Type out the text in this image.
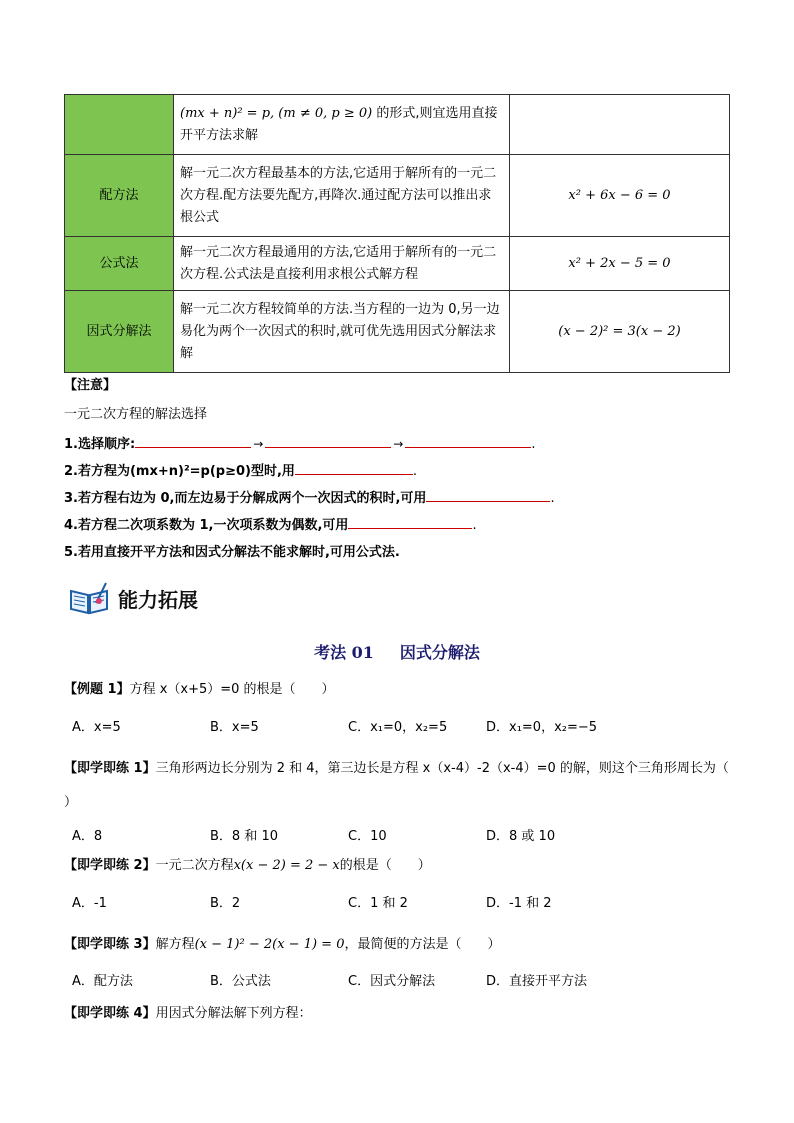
	(mx + n)² = p, (m ≠ 0, p ≥ 0) 的形式,则宜选用直接开平方法求解	
配方法	解一元二次方程最基本的方法,它适用于解所有的一元二次方程.配方法要先配方,再降次.通过配方法可以推出求根公式	x² + 6x − 6 = 0
公式法	解一元二次方程最通用的方法,它适用于解所有的一元二次方程.公式法是直接利用求根公式解方程	x² + 2x − 5 = 0
因式分解法	解一元二次方程较简单的方法.当方程的一边为 0,另一边易化为两个一次因式的积时,就可优先选用因式分解法求解	(x − 2)² = 3(x − 2)
【注意】
一元二次方程的解法选择
1.选择顺序:	→	→	.
2.若方程为(mx+n)²=p(p≥0)型时,用	.
3.若方程右边为 0,而左边易于分解成两个一次因式的积时,可用	.
4.若方程二次项系数为 1,一次项系数为偶数,可用	.
5.若用直接开平方法和因式分解法不能求解时,可用公式法.
能力拓展
考法 01 因式分解法
【例题 1】方程 x（x+5）=0 的根是（　　）
A．x=5	B．x=5	C．x₁=0，x₂=5	D．x₁=0，x₂=−5
【即学即练 1】三角形两边长分别为 2 和 4，第三边长是方程 x（x-4）-2（x-4）=0 的解，则这个三角形周长为（ ）
A．8	B．8 和 10	C．10	D．8 或 10
【即学即练 2】一元二次方程x(x − 2) = 2 − x的根是（　　）
A．-1	B．2	C．1 和 2	D．-1 和 2
【即学即练 3】解方程(x − 1)² − 2(x − 1) = 0，最简便的方法是（　　）
A．配方法	B．公式法	C．因式分解法	D．直接开平方法
【即学即练 4】用因式分解法解下列方程：
